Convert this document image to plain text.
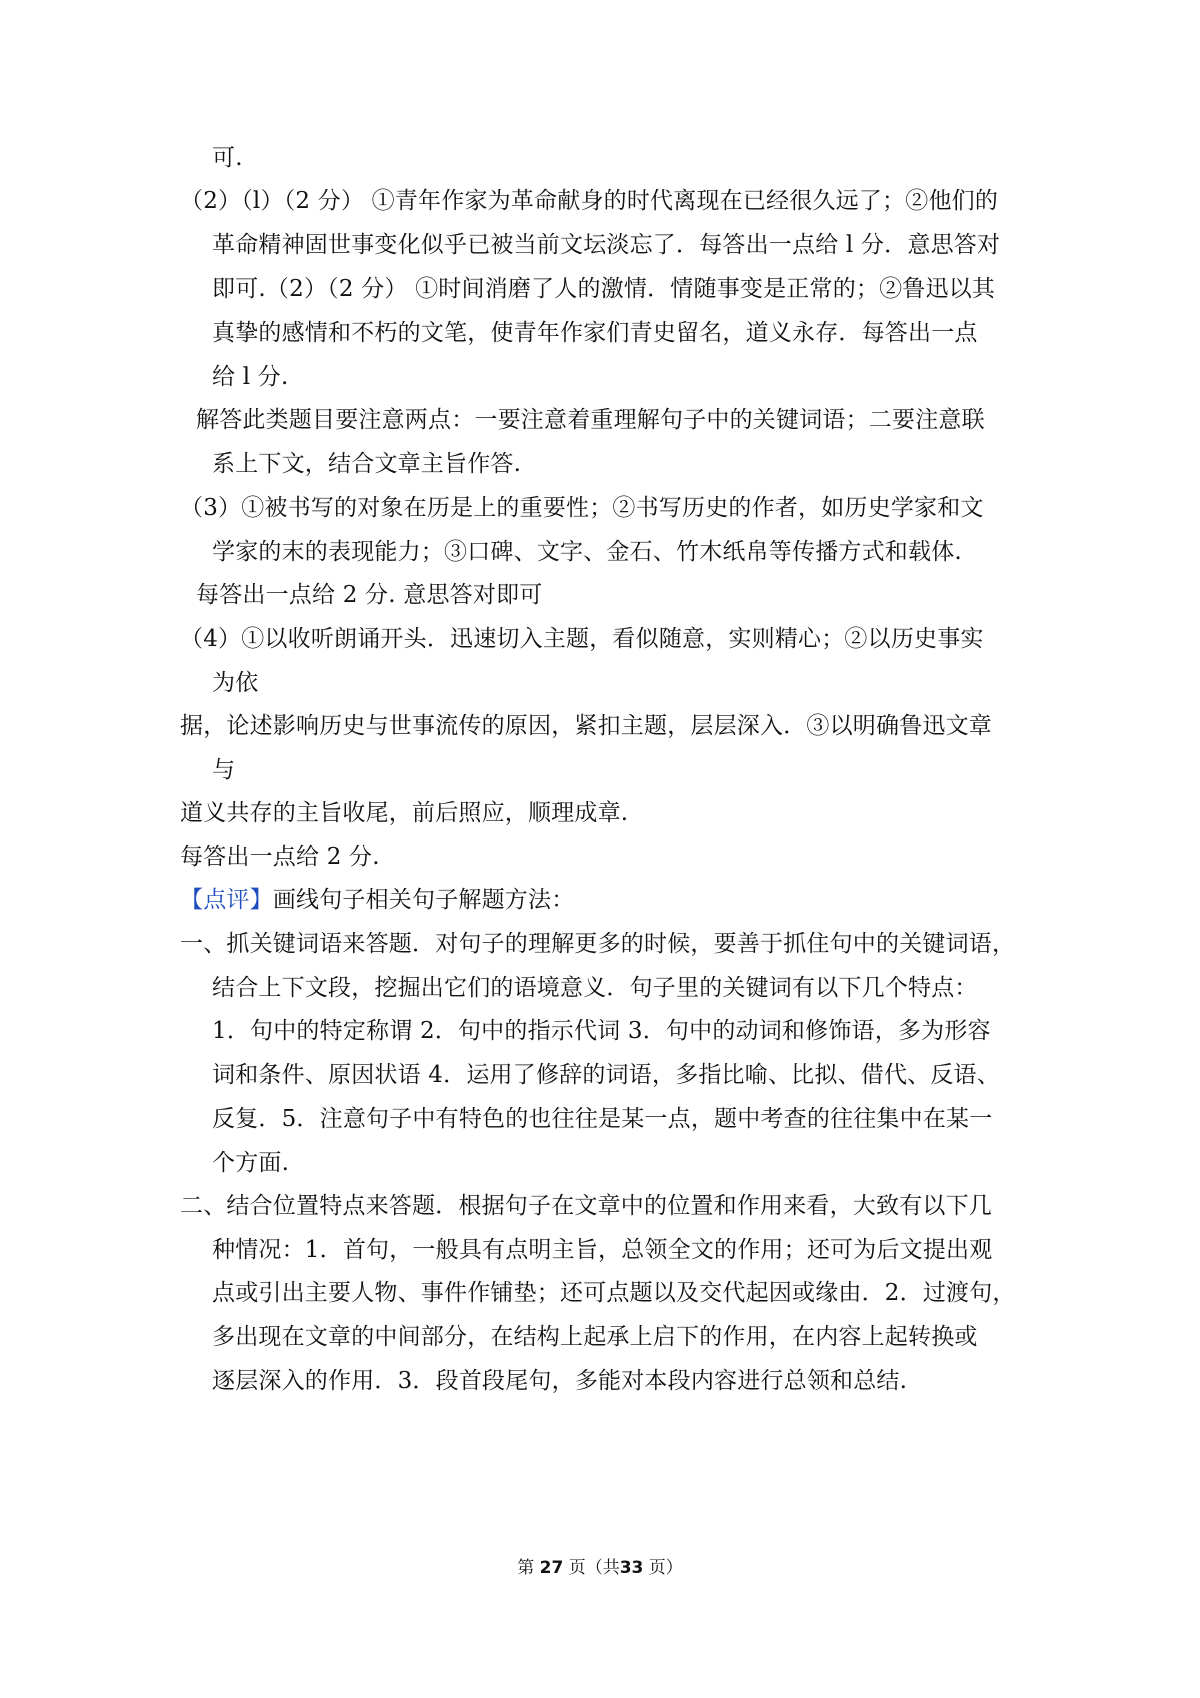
可.
（2）（l）（2 分） ①青年作家为革命献身的时代离现在已经很久远了；②他们的
革命精神固世事变化似乎已被当前文坛淡忘了．每答出一点给 l 分．意思答对
即可.（2）（2 分） ①时间消磨了人的激情．情随事变是正常的；②鲁迅以其
真挚的感情和不朽的文笔，使青年作家们青史留名，道义永存．每答出一点
给 l 分.
解答此类题目要注意两点：一要注意着重理解句子中的关键词语；二要注意联
系上下文，结合文章主旨作答.
（3）①被书写的对象在历是上的重要性；②书写历史的作者，如历史学家和文
学家的末的表现能力；③口碑、文字、金石、竹木纸帛等传播方式和载体.
每答出一点给 2 分. 意思答对即可
（4）①以收听朗诵开头．迅速切入主题，看似随意，实则精心；②以历史事实
为依
据，论述影响历史与世事流传的原因，紧扣主题，层层深入．③以明确鲁迅文章
与
道义共存的主旨收尾，前后照应，顺理成章.
每答出一点给 2 分.
【点评】画线句子相关句子解题方法：
一、抓关键词语来答题．对句子的理解更多的时候，要善于抓住句中的关键词语，
结合上下文段，挖掘出它们的语境意义．句子里的关键词有以下几个特点：
1．句中的特定称谓 2．句中的指示代词 3．句中的动词和修饰语，多为形容
词和条件、原因状语 4．运用了修辞的词语，多指比喻、比拟、借代、反语、
反复．5．注意句子中有特色的也往往是某一点，题中考查的往往集中在某一
个方面.
二、结合位置特点来答题．根据句子在文章中的位置和作用来看，大致有以下几
种情况：1．首句，一般具有点明主旨，总领全文的作用；还可为后文提出观
点或引出主要人物、事件作铺垫；还可点题以及交代起因或缘由．2．过渡句，
多出现在文章的中间部分，在结构上起承上启下的作用，在内容上起转换或
逐层深入的作用．3．段首段尾句，多能对本段内容进行总领和总结.
第 27 页（共33 页）
